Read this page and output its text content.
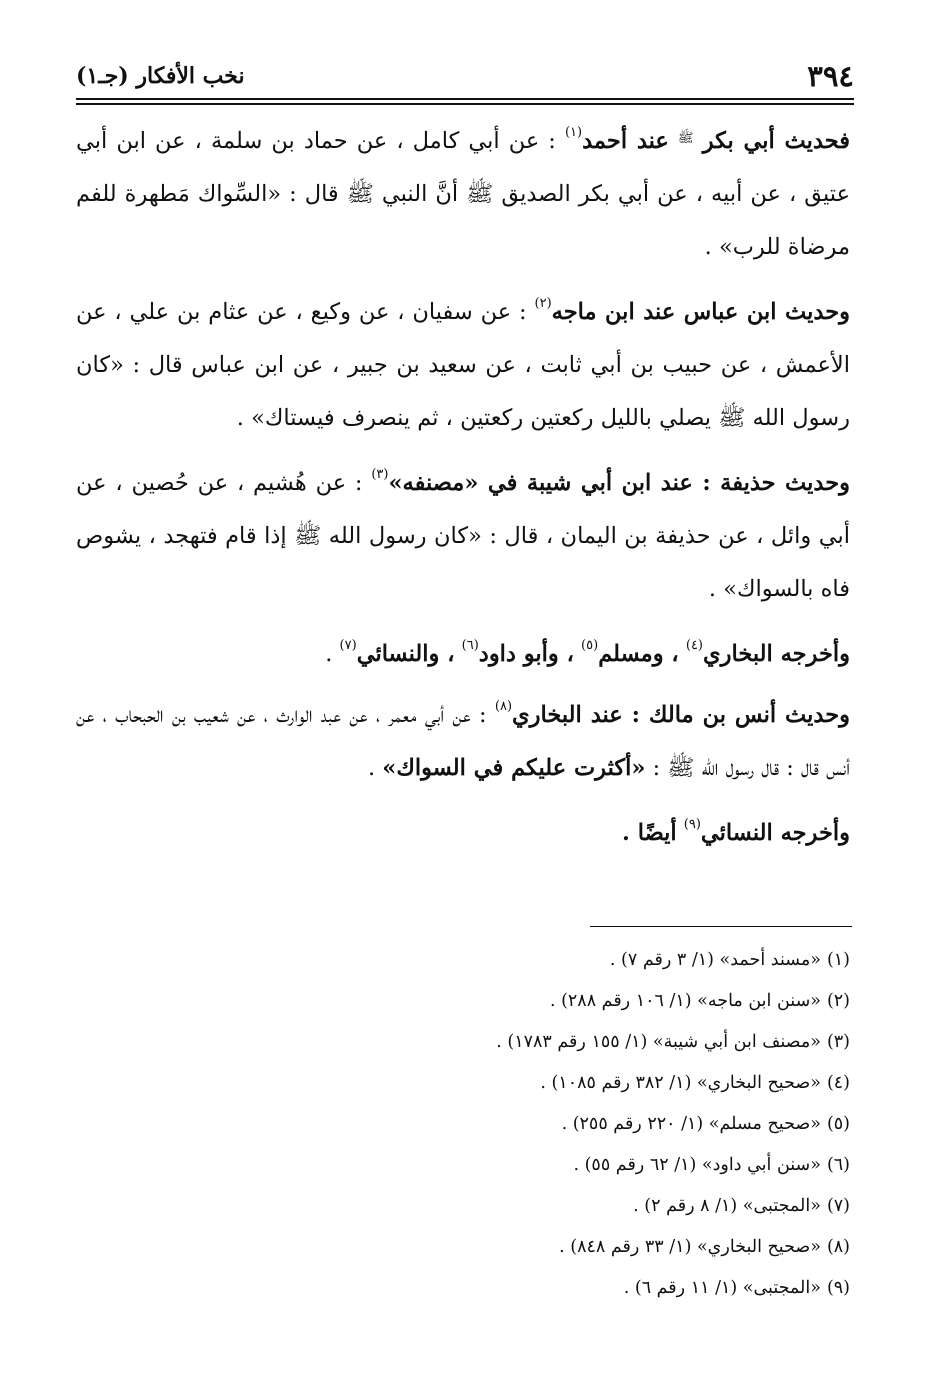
٣٩٤
نخب الأفكار (جـ١)

فحديث أبي بكر $^ﷺ$ عند أحمد$^{(١)}$ : عن أبي كامل ، عن حماد بن سلمة ، عن ابن أبي عتيق ، عن أبيه ، عن أبي بكر الصديق ﷺ أنَّ النبي ﷺ قال : «السِّواك مَطهرة للفم مرضاة للرب» .

وحديث ابن عباس عند ابن ماجه$^{(٢)}$ : عن سفيان ، عن وكيع ، عن عثام بن علي ، عن الأعمش ، عن حبيب بن أبي ثابت ، عن سعيد بن جبير ، عن ابن عباس قال : «كان رسول الله ﷺ يصلي بالليل ركعتين ركعتين ، ثم ينصرف فيستاك» .

وحديث حذيفة : عند ابن أبي شيبة في «مصنفه»$^{(٣)}$ : عن هُشيم ، عن حُصين ، عن أبي وائل ، عن حذيفة بن اليمان ، قال : «كان رسول الله ﷺ إذا قام فتهجد ، يشوص فاه بالسواك» .

وأخرجه البخاري$^{(٤)}$ ، ومسلم$^{(٥)}$ ، وأبو داود$^{(٦)}$ ، والنسائي$^{(٧)}$ .

وحديث أنس بن مالك : عند البخاري$^{(٨)}$ : عن أبي معمر ، عن عبد الوارث ، عن شعيب بن الحبحاب ، عن أنس قال : قال رسول الله ﷺ : «أكثرت عليكم في السواك» .

وأخرجه النسائي$^{(٩)}$ أيضًا .

(١)«مسند أحمد» (١/ ٣ رقم ٧) .
(٢)«سنن ابن ماجه» (١/ ١٠٦ رقم ٢٨٨) .
(٣)«مصنف ابن أبي شيبة» (١/ ١٥٥ رقم ١٧٨٣) .
(٤)«صحيح البخاري» (١/ ٣٨٢ رقم ١٠٨٥) .
(٥)«صحيح مسلم» (١/ ٢٢٠ رقم ٢٥٥) .
(٦)«سنن أبي داود» (١/ ٦٢ رقم ٥٥) .
(٧)«المجتبى» (١/ ٨ رقم ٢) .
(٨)«صحيح البخاري» (١/ ٣٣ رقم ٨٤٨) .
(٩)«المجتبى» (١/ ١١ رقم ٦) .
